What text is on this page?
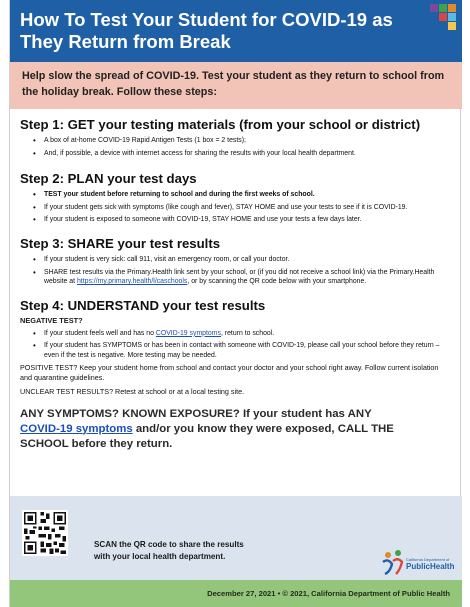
How To Test Your Student for COVID-19 as They Return from Break
Help slow the spread of COVID-19. Test your student as they return to school from the holiday break. Follow these steps:
Step 1: GET your testing materials (from your school or district)
• A box of at-home COVID-19 Rapid Antigen Tests (1 box = 2 tests);
• And, if possible, a device with internet access for sharing the results with your local health department.
Step 2: PLAN your test days
• TEST your student before returning to school and during the first weeks of school.
• If your student gets sick with symptoms (like cough and fever), STAY HOME and use your tests to see if it is COVID-19.
• If your student is exposed to someone with COVID-19, STAY HOME and use your tests a few days later.
Step 3: SHARE your test results
• If your student is very sick: call 911, visit an emergency room, or call your doctor.
• SHARE test results via the Primary.Health link sent by your school, or (if you did not receive a school link) via the Primary.Health website at https://my.primary.health/l/caschools, or by scanning the QR code below with your smartphone.
Step 4: UNDERSTAND your test results
NEGATIVE TEST?
• If your student feels well and has no COVID-19 symptoms, return to school.
• If your student has SYMPTOMS or has been in contact with someone with COVID-19, please call your school before they return – even if the test is negative. More testing may be needed.
POSITIVE TEST? Keep your student home from school and contact your doctor and your school right away. Follow current isolation and quarantine guidelines.
UNCLEAR TEST RESULTS? Retest at school or at a local testing site.
ANY SYMPTOMS? KNOWN EXPOSURE? If your student has ANY COVID-19 symptoms and/or you know they were exposed, CALL THE SCHOOL before they return.
SCAN the QR code to share the results
with your local health department.	California Department of
PublicHealth
December 27, 2021 • © 2021, California Department of Public Health
